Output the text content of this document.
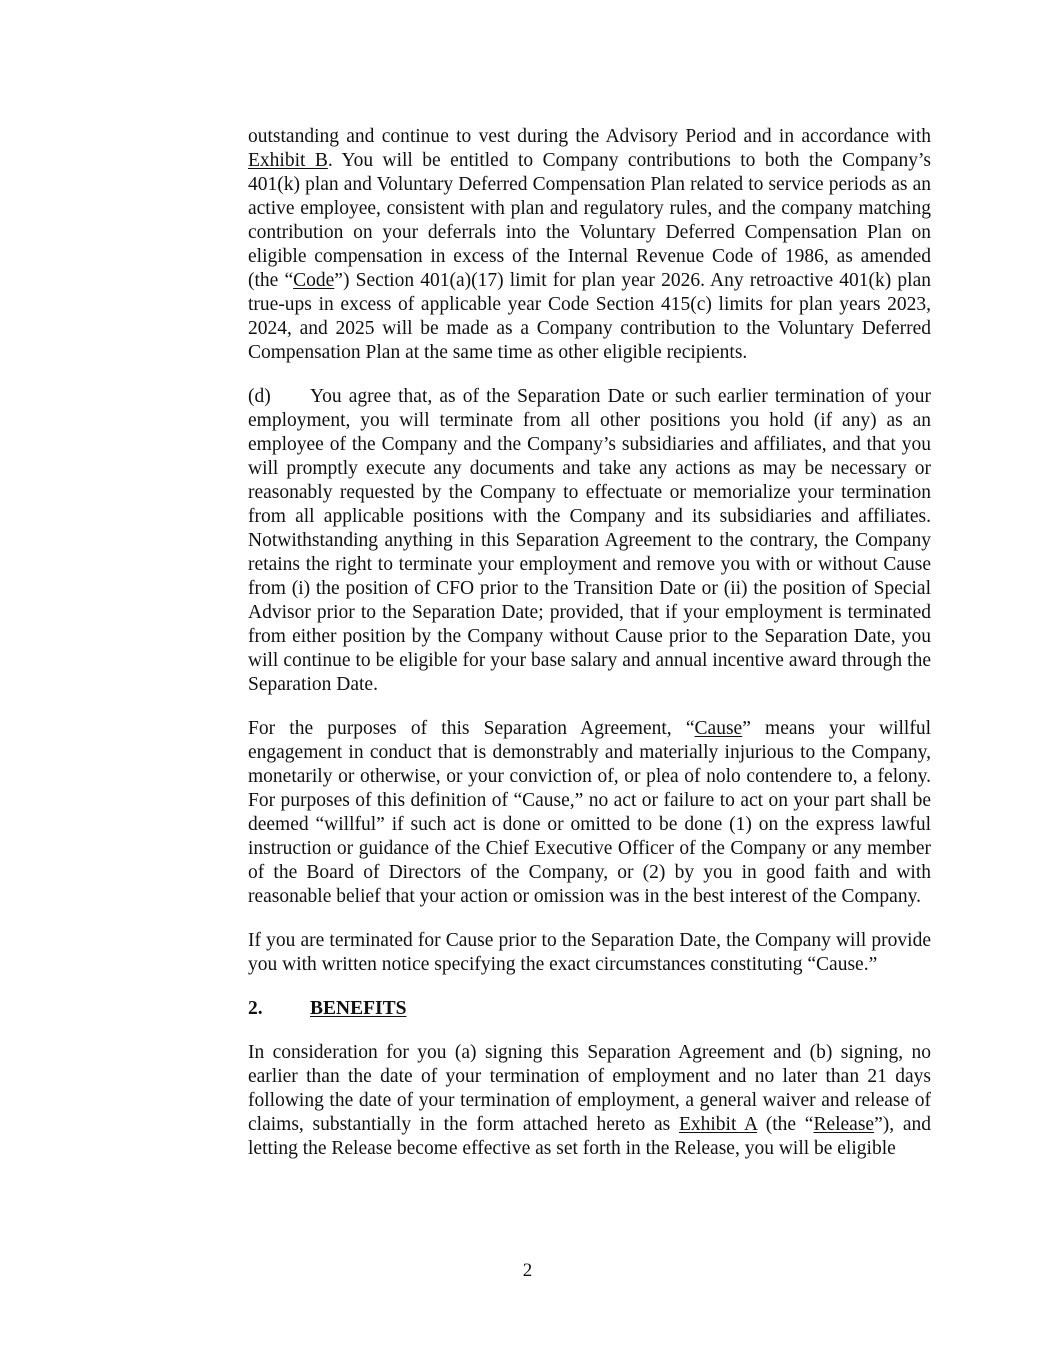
outstanding and continue to vest during the Advisory Period and in accordance with Exhibit B. You will be entitled to Company contributions to both the Company’s 401(k) plan and Voluntary Deferred Compensation Plan related to service periods as an active employee, consistent with plan and regulatory rules, and the company matching contribution on your deferrals into the Voluntary Deferred Compensation Plan on eligible compensation in excess of the Internal Revenue Code of 1986, as amended (the “Code”) Section 401(a)(17) limit for plan year 2026. Any retroactive 401(k) plan true-ups in excess of applicable year Code Section 415(c) limits for plan years 2023, 2024, and 2025 will be made as a Company contribution to the Voluntary Deferred Compensation Plan at the same time as other eligible recipients.

(d) You agree that, as of the Separation Date or such earlier termination of your employment, you will terminate from all other positions you hold (if any) as an employee of the Company and the Company’s subsidiaries and affiliates, and that you will promptly execute any documents and take any actions as may be necessary or reasonably requested by the Company to effectuate or memorialize your termination from all applicable positions with the Company and its subsidiaries and affiliates. Notwithstanding anything in this Separation Agreement to the contrary, the Company retains the right to terminate your employment and remove you with or without Cause from (i) the position of CFO prior to the Transition Date or (ii) the position of Special Advisor prior to the Separation Date; provided, that if your employment is terminated from either position by the Company without Cause prior to the Separation Date, you will continue to be eligible for your base salary and annual incentive award through the Separation Date.

For the purposes of this Separation Agreement, “Cause” means your willful engagement in conduct that is demonstrably and materially injurious to the Company, monetarily or otherwise, or your conviction of, or plea of nolo contendere to, a felony. For purposes of this definition of “Cause,” no act or failure to act on your part shall be deemed “willful” if such act is done or omitted to be done (1) on the express lawful instruction or guidance of the Chief Executive Officer of the Company or any member of the Board of Directors of the Company, or (2) by you in good faith and with reasonable belief that your action or omission was in the best interest of the Company.

If you are terminated for Cause prior to the Separation Date, the Company will provide you with written notice specifying the exact circumstances constituting “Cause.”

2. BENEFITS

In consideration for you (a) signing this Separation Agreement and (b) signing, no earlier than the date of your termination of employment and no later than 21 days following the date of your termination of employment, a general waiver and release of claims, substantially in the form attached hereto as Exhibit A (the “Release”), and letting the Release become effective as set forth in the Release, you will be eligible

2
